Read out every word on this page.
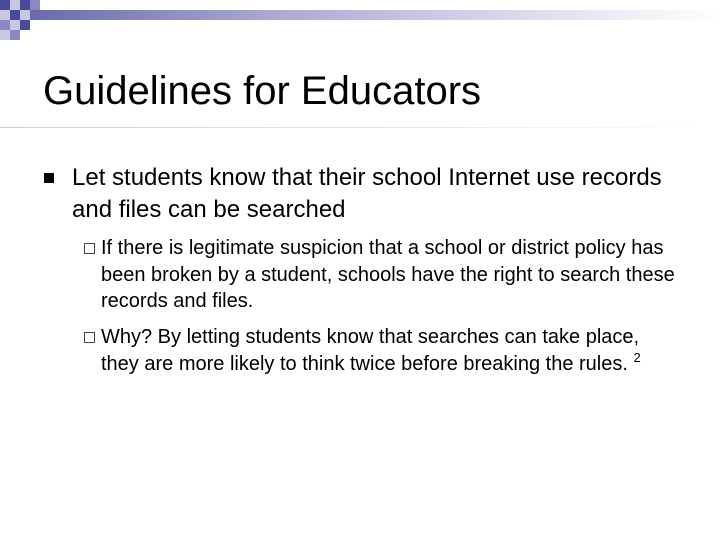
Guidelines for Educators

Let students know that their school Internet use records and files can be searched

If there is legitimate suspicion that a school or district policy has been broken by a student, schools have the right to search these records and files.

Why? By letting students know that searches can take place, they are more likely to think twice before breaking the rules. $^2$
